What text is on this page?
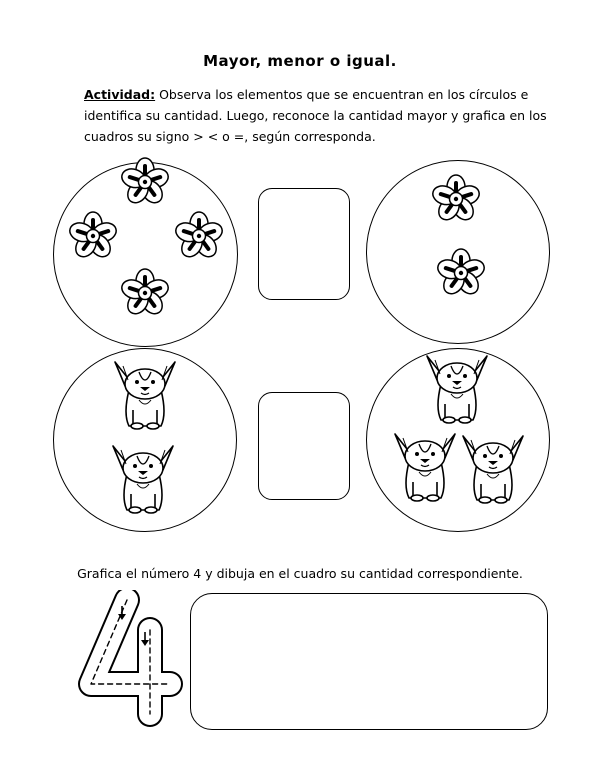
Mayor, menor o igual.
Actividad: Observa los elementos que se encuentran en los círculos e identifica su cantidad. Luego, reconoce la cantidad mayor y grafica en los cuadros su signo > < o =, según corresponda.
Grafica el número 4 y dibuja en el cuadro su cantidad correspondiente.
